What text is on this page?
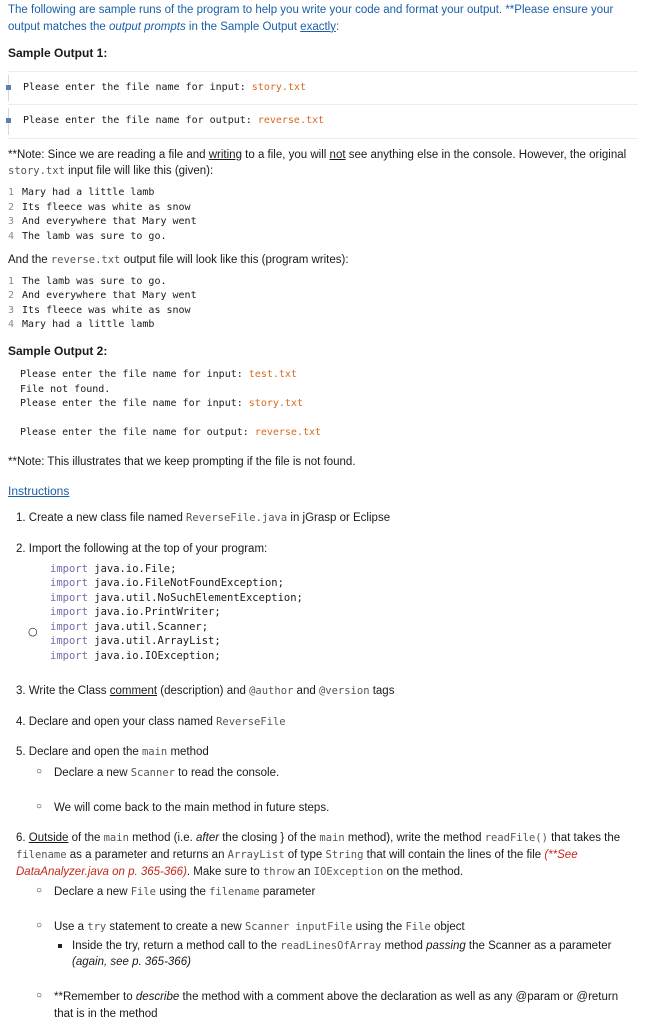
The following are sample runs of the program to help you write your code and format your output. **Please ensure your output matches the output prompts in the Sample Output exactly:

Sample Output 1:

Please enter the file name for input: story.txt

Please enter the file name for output: reverse.txt

**Note: Since we are reading a file and writing to a file, you will not see anything else in the console. However, the original story.txt input file will like this (given):

1 Mary had a little lamb
2 Its fleece was white as snow
3 And everywhere that Mary went
4 The lamb was sure to go.

And the reverse.txt output file will look like this (program writes):

1 The lamb was sure to go.
2 And everywhere that Mary went
3 Its fleece was white as snow
4 Mary had a little lamb
Sample Output 2:
Please enter the file name for input: test.txt
File not found.
Please enter the file name for input: story.txt
Please enter the file name for output: reverse.txt

**Note: This illustrates that we keep prompting if the file is not found.

Instructions

1. Create a new class file named ReverseFile.java in jGrasp or Eclipse

2. Import the following at the top of your program:

○
import java.io.File;
import java.io.FileNotFoundException;
import java.util.NoSuchElementException;
import java.io.PrintWriter;
import java.util.Scanner;
import java.util.ArrayList;
import java.io.IOException;

3. Write the Class comment (description) and @author and @version tags

4. Declare and open your class named ReverseFile

5. Declare and open the main method

○ Declare a new Scanner to read the console.

○ We will come back to the main method in future steps.

6. Outside of the main method (i.e. after the closing } of the main method), write the method readFile() that takes the filename as a parameter and returns an ArrayList of type String that will contain the lines of the file (**See DataAnalyzer.java on p. 365-366). Make sure to throw an IOException on the method.

○ Declare a new File using the filename parameter

○ Use a try statement to create a new Scanner inputFile using the File object

Inside the try, return a method call to the readLinesOfArray method passing the Scanner as a parameter (again, see p. 365-366)

○ **Remember to describe the method with a comment above the declaration as well as any @param or @return that is in the method
